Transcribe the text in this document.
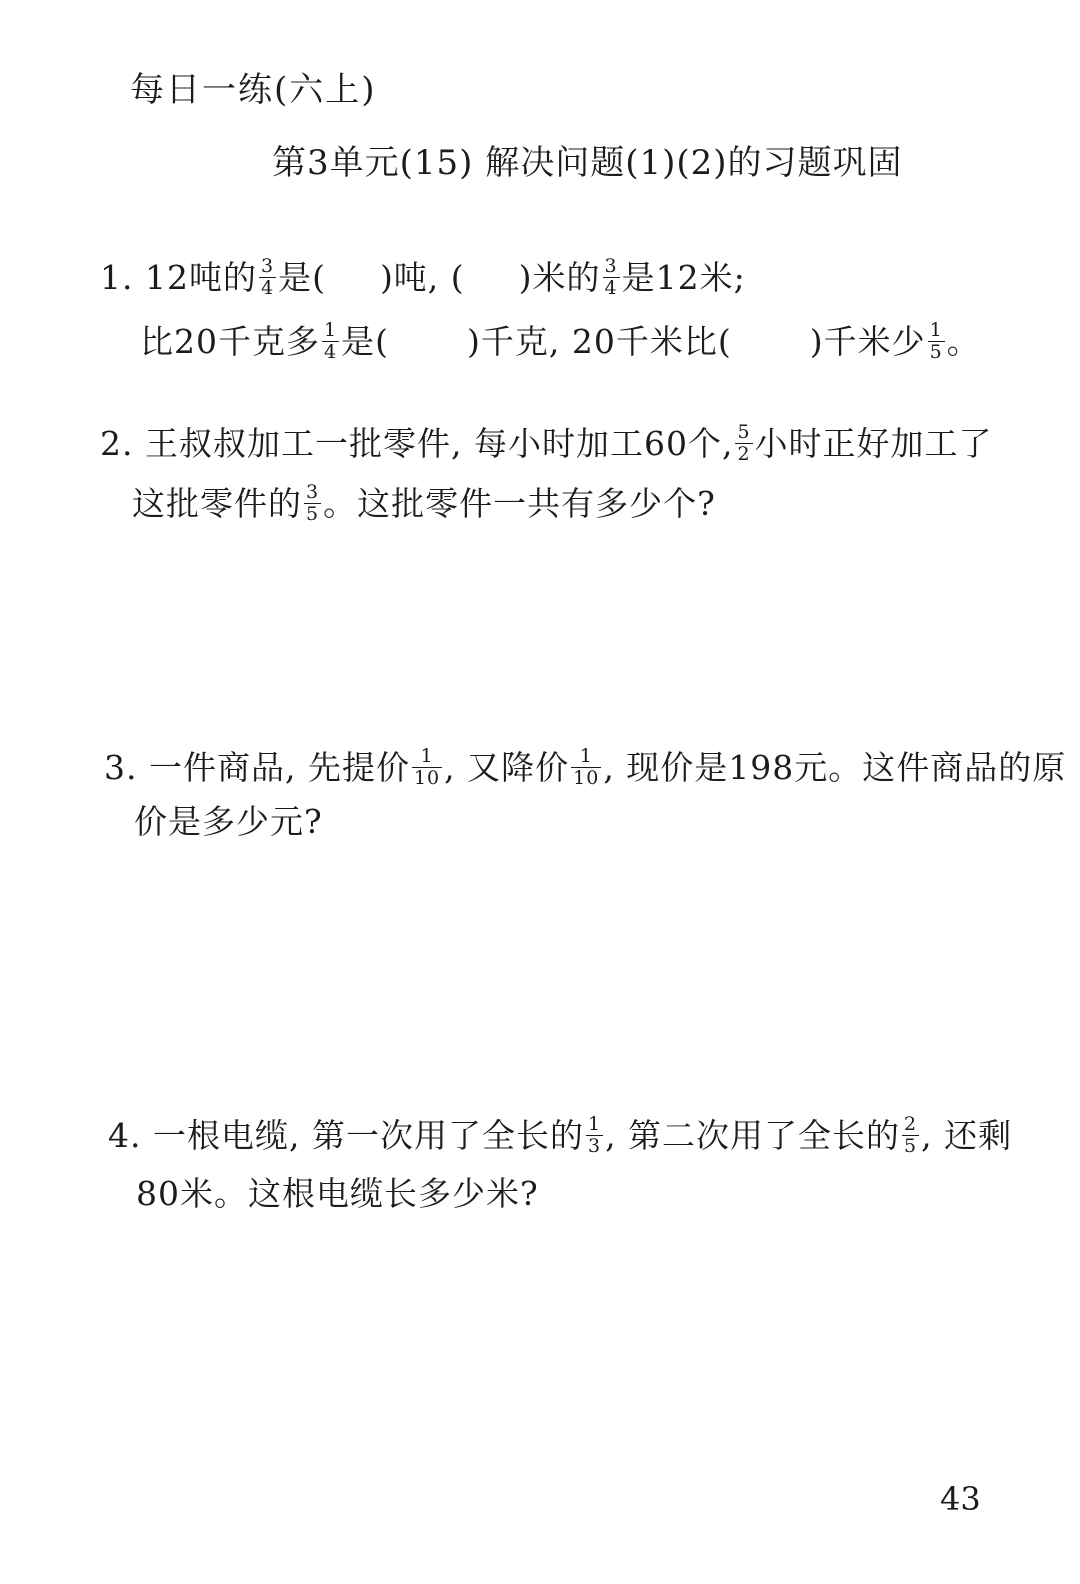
每日一练(六上)
第3单元(15) 解决问题(1)(2)的习题巩固
1. 12吨的 $\frac{3}{4}$ 是( )吨, ( )米的 $\frac{3}{4}$ 是12米;
比20千克多 $\frac{1}{4}$ 是( )千克, 20千米比( )千米少 $\frac{1}{5}$ 。
2. 王叔叔加工一批零件, 每小时加工60个, $\frac{5}{2}$ 小时正好加工了
这批零件的 $\frac{3}{5}$ 。这批零件一共有多少个?
3. 一件商品, 先提价 $\frac{1}{10}$ , 又降价 $\frac{1}{10}$ , 现价是198元。这件商品的原
价是多少元?
4. 一根电缆, 第一次用了全长的 $\frac{1}{3}$ , 第二次用了全长的 $\frac{2}{5}$ , 还剩
80米。这根电缆长多少米?
43
